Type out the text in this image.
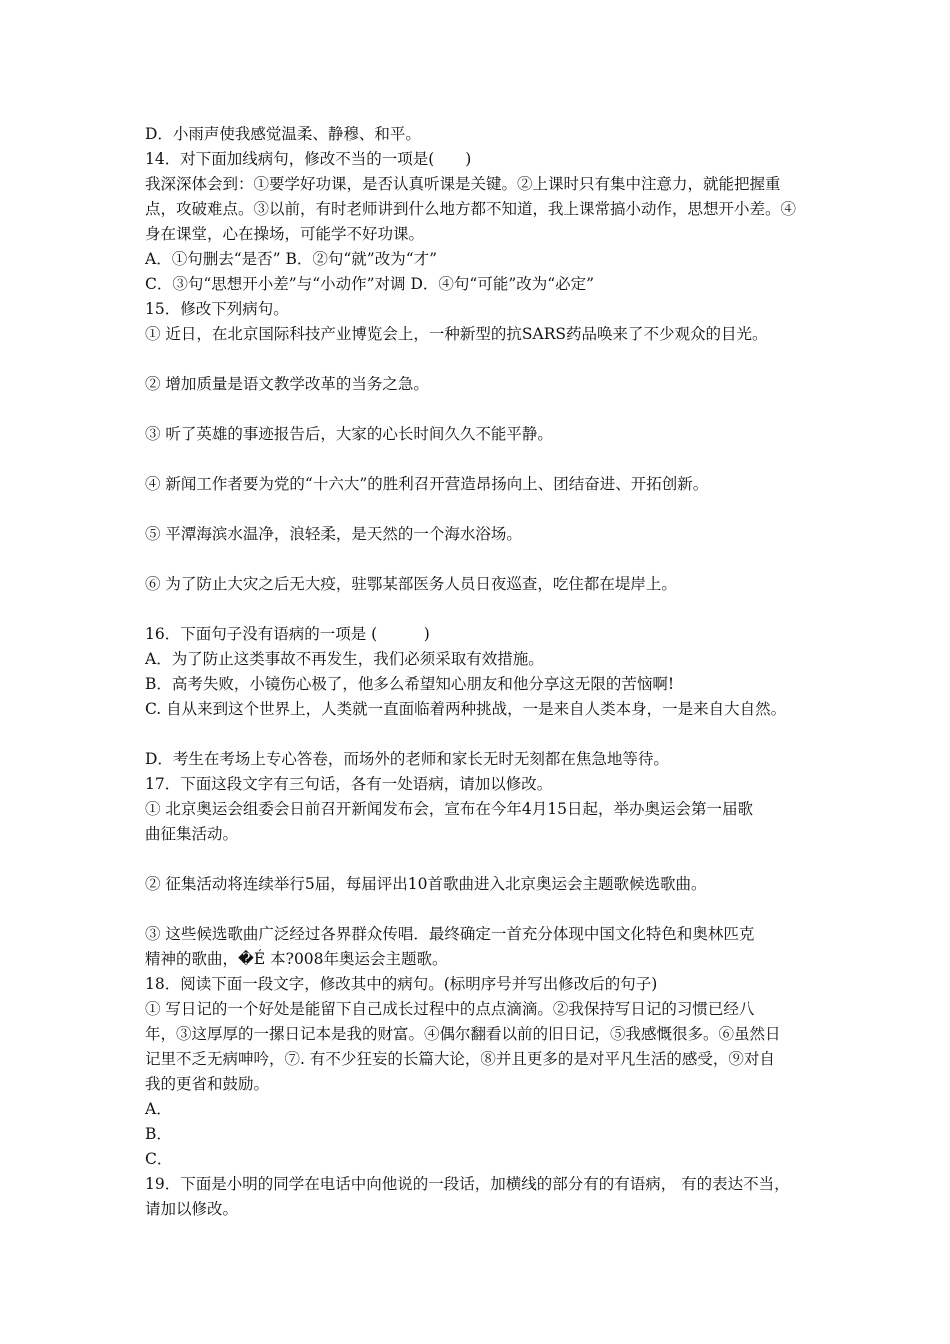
D．小雨声使我感觉温柔、静穆、和平。
14．对下面加线病句，修改不当的一项是(　　)
我深深体会到：①要学好功课，是否认真听课是关键。②上课时只有集中注意力，就能把握重
点，攻破难点。③以前，有时老师讲到什么地方都不知道，我上课常搞小动作，思想开小差。④
身在课堂，心在操场，可能学不好功课。
A．①句删去“是否” B．②句“就”改为“才”
C．③句“思想开小差”与“小动作”对调 D．④句“可能”改为“必定”
15．修改下列病句。
① 近日，在北京国际科技产业博览会上，一种新型的抗SARS药品唤来了不少观众的目光。
② 增加质量是语文教学改革的当务之急。
③ 听了英雄的事迹报告后，大家的心长时间久久不能平静。
④ 新闻工作者要为党的“十六大”的胜利召开营造昂扬向上、团结奋进、开拓创新。
⑤ 平潭海滨水温净，浪轻柔，是天然的一个海水浴场。
⑥ 为了防止大灾之后无大疫，驻鄂某部医务人员日夜巡查，吃住都在堤岸上。
16．下面句子没有语病的一项是 (　　　)
A．为了防止这类事故不再发生，我们必须采取有效措施。
B．高考失败，小镜伤心极了，他多么希望知心朋友和他分享这无限的苦恼啊!
C. 自从来到这个世界上，人类就一直面临着两种挑战，一是来自人类本身，一是来自大自然。
D．考生在考场上专心答卷，而场外的老师和家长无时无刻都在焦急地等待。
17．下面这段文字有三句话，各有一处语病，请加以修改。
① 北京奥运会组委会日前召开新闻发布会，宣布在今年4月15日起，举办奥运会第一届歌
曲征集活动。
② 征集活动将连续举行5届，每届评出10首歌曲进入北京奥运会主题歌候选歌曲。
③ 这些候选歌曲广泛经过各界群众传唱．最终确定一首充分体现中国文化特色和奥林匹克
精神的歌曲，�É 本?008年奥运会主题歌。
18．阅读下面一段文字，修改其中的病句。(标明序号并写出修改后的句子)
① 写日记的一个好处是能留下自己成长过程中的点点滴滴。②我保持写日记的习惯已经八
年，③这厚厚的一摞日记本是我的财富。④偶尔翻看以前的旧日记，⑤我感慨很多。⑥虽然日
记里不乏无病呻吟，⑦. 有不少狂妄的长篇大论，⑧并且更多的是对平凡生活的感受，⑨对自
我的更省和鼓励。
A．
B．
C．
19．下面是小明的同学在电话中向他说的一段话，加横线的部分有的有语病， 有的表达不当，
请加以修改。
